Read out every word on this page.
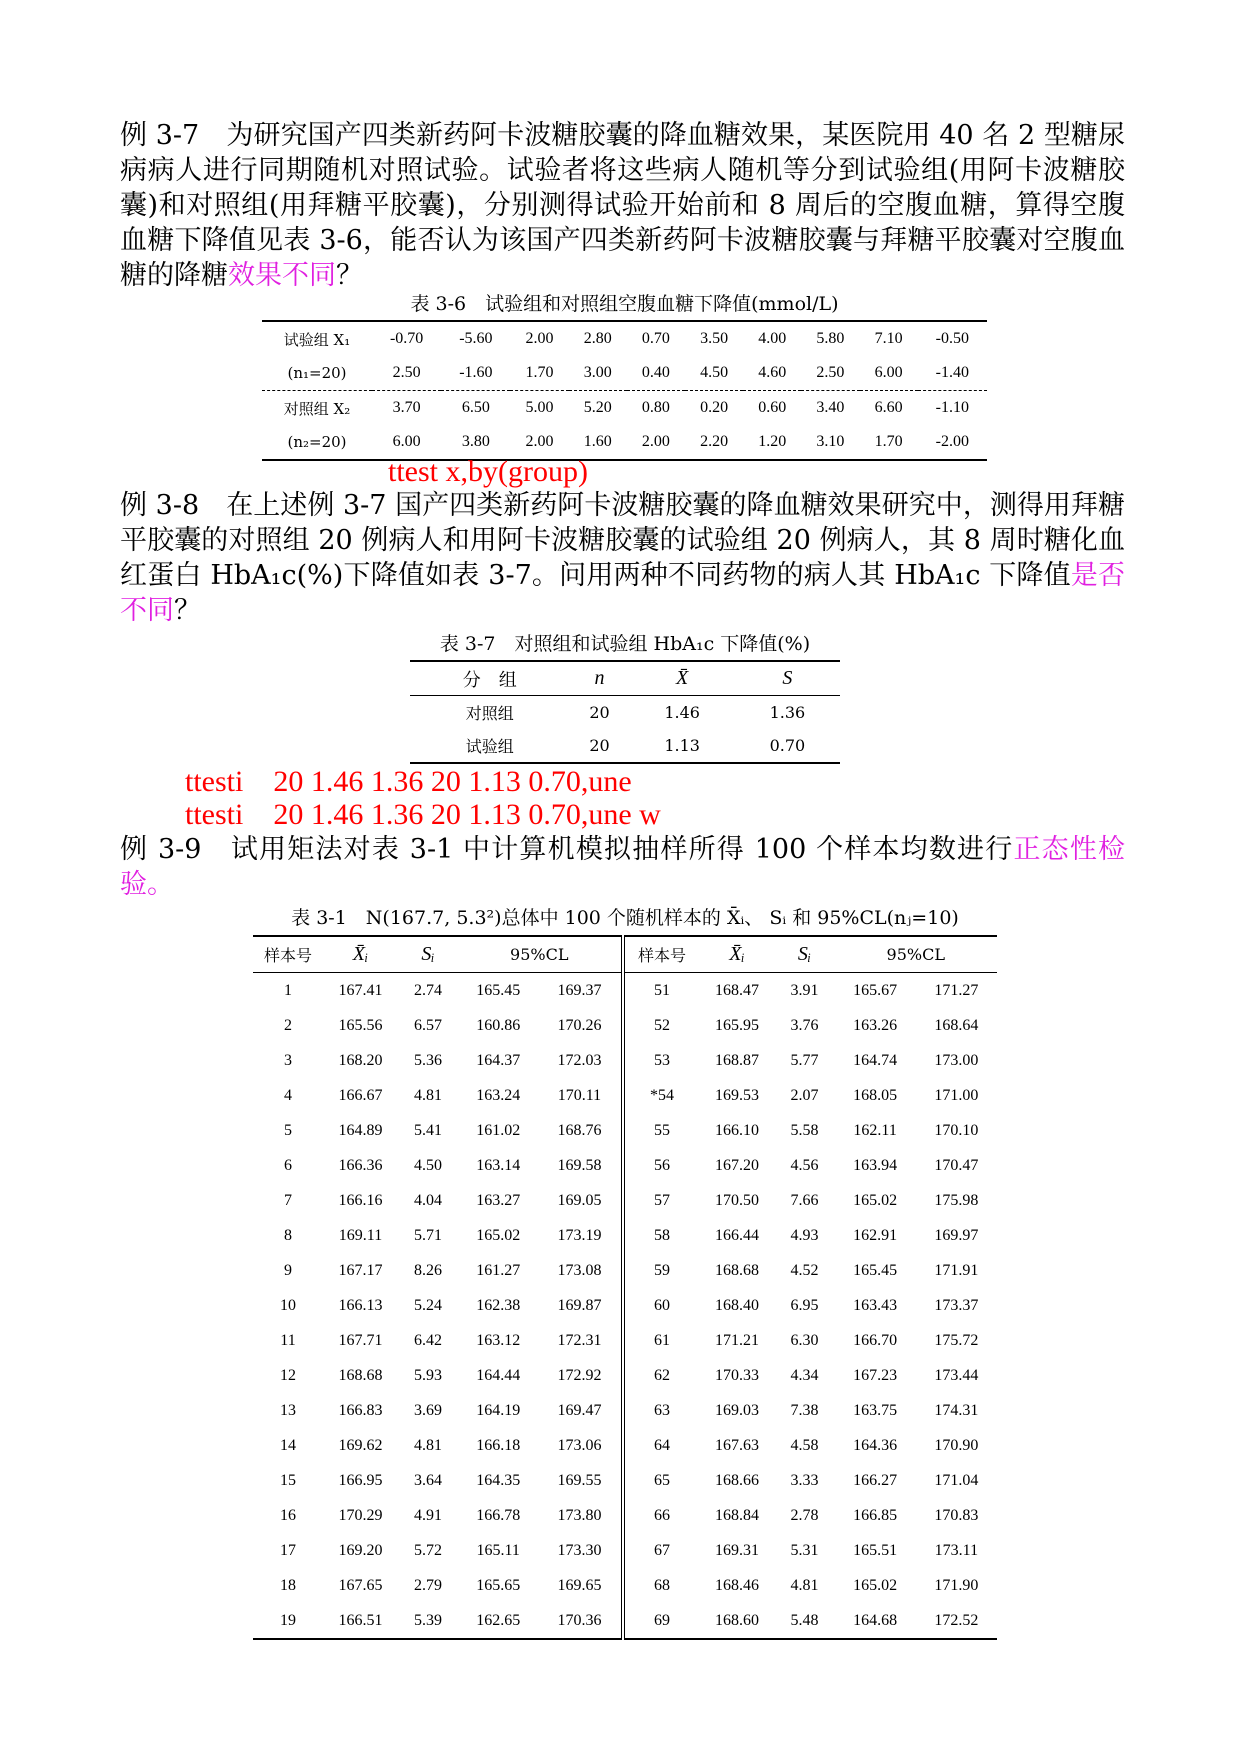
例 3-7　 为研究国产四类新药阿卡波糖胶囊的降血糖效果，某医院用 40 名 2 型糖尿病病人进行同期随机对照试验。试验者将这些病人随机等分到试验组(用阿卡波糖胶囊)和对照组(用拜糖平胶囊)，分别测得试验开始前和 8 周后的空腹血糖，算得空腹血糖下降值见表 3-6，能否认为该国产四类新药阿卡波糖胶囊与拜糖平胶囊对空腹血糖的降糖效果不同？

表 3-6　试验组和对照组空腹血糖下降值(mmol/L)
试验组 X₁	-0.70	-5.60	2.00	2.80	0.70	3.50	4.00	5.80	7.10	-0.50
(n₁=20)	2.50	-1.60	1.70	3.00	0.40	4.50	4.60	2.50	6.00	-1.40
对照组 X₂	3.70	6.50	5.00	5.20	0.80	0.20	0.60	3.40	6.60	-1.10
(n₂=20)	6.00	3.80	2.00	1.60	2.00	2.20	1.20	3.10	1.70	-2.00
ttest x,by(group)

例 3-8　 在上述例 3-7 国产四类新药阿卡波糖胶囊的降血糖效果研究中，测得用拜糖平胶囊的对照组 20 例病人和用阿卡波糖胶囊的试验组 20 例病人，其 8 周时糖化血红蛋白 HbA₁c(%)下降值如表 3-7。问用两种不同药物的病人其 HbA₁c 下降值是否不同？

表 3-7　对照组和试验组 HbA₁c 下降值(%)
分　组	n	X̄	S
对照组	20	1.46	1.36
试验组	20	1.13	0.70
ttesti    20 1.46 1.36 20 1.13 0.70,une
ttesti    20 1.46 1.36 20 1.13 0.70,une w

例 3-9　 试用矩法对表 3-1 中计算机模拟抽样所得 100 个样本均数进行正态性检验。

表 3-1　N(167.7, 5.3²)总体中 100 个随机样本的 X̄ᵢ、 Sᵢ 和 95%CL(nⱼ=10)
样本号	X̄ᵢ	Sᵢ	95%CL		样本号	X̄ᵢ	Sᵢ	95%CL	
1	167.41	2.74	165.45	169.37	51	168.47	3.91	165.67	171.27
2	165.56	6.57	160.86	170.26	52	165.95	3.76	163.26	168.64
3	168.20	5.36	164.37	172.03	53	168.87	5.77	164.74	173.00
4	166.67	4.81	163.24	170.11	*54	169.53	2.07	168.05	171.00
5	164.89	5.41	161.02	168.76	55	166.10	5.58	162.11	170.10
6	166.36	4.50	163.14	169.58	56	167.20	4.56	163.94	170.47
7	166.16	4.04	163.27	169.05	57	170.50	7.66	165.02	175.98
8	169.11	5.71	165.02	173.19	58	166.44	4.93	162.91	169.97
9	167.17	8.26	161.27	173.08	59	168.68	4.52	165.45	171.91
10	166.13	5.24	162.38	169.87	60	168.40	6.95	163.43	173.37
11	167.71	6.42	163.12	172.31	61	171.21	6.30	166.70	175.72
12	168.68	5.93	164.44	172.92	62	170.33	4.34	167.23	173.44
13	166.83	3.69	164.19	169.47	63	169.03	7.38	163.75	174.31
14	169.62	4.81	166.18	173.06	64	167.63	4.58	164.36	170.90
15	166.95	3.64	164.35	169.55	65	168.66	3.33	166.27	171.04
16	170.29	4.91	166.78	173.80	66	168.84	2.78	166.85	170.83
17	169.20	5.72	165.11	173.30	67	169.31	5.31	165.51	173.11
18	167.65	2.79	165.65	169.65	68	168.46	4.81	165.02	171.90
19	166.51	5.39	162.65	170.36	69	168.60	5.48	164.68	172.52
